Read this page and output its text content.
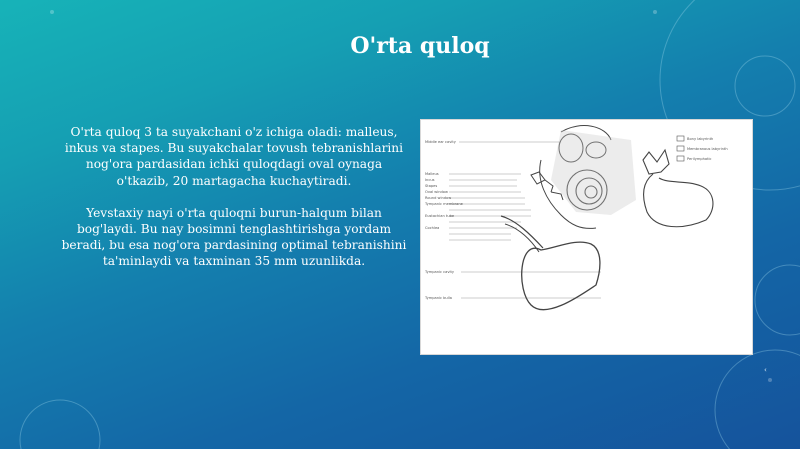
O'rta quloq

O'rta quloq 3 ta suyakchani o'z ichiga oladi: malleus, inkus va stapes. Bu suyakchalar tovush tebranishlarini nog'ora pardasidan ichki quloqdagi oval oynaga o'tkazib, 20 martagacha kuchaytiradi.

Yevstaxiy nayi o'rta quloqni burun-halqum bilan bog'laydi. Bu nay bosimni tenglashtirishga yordam beradi, bu esa nog'ora pardasining optimal tebranishini ta'minlaydi va taxminan 35 mm uzunlikda.

Middle ear cavity
Malleus
Incus
Stapes
Oval window
Round window
Tympanic membrane
Eustachian tube
Cochlea
Tympanic cavity
Tympanic bulla
Bony labyrinth
Membranous labyrinth
Perilymphatic
‹
